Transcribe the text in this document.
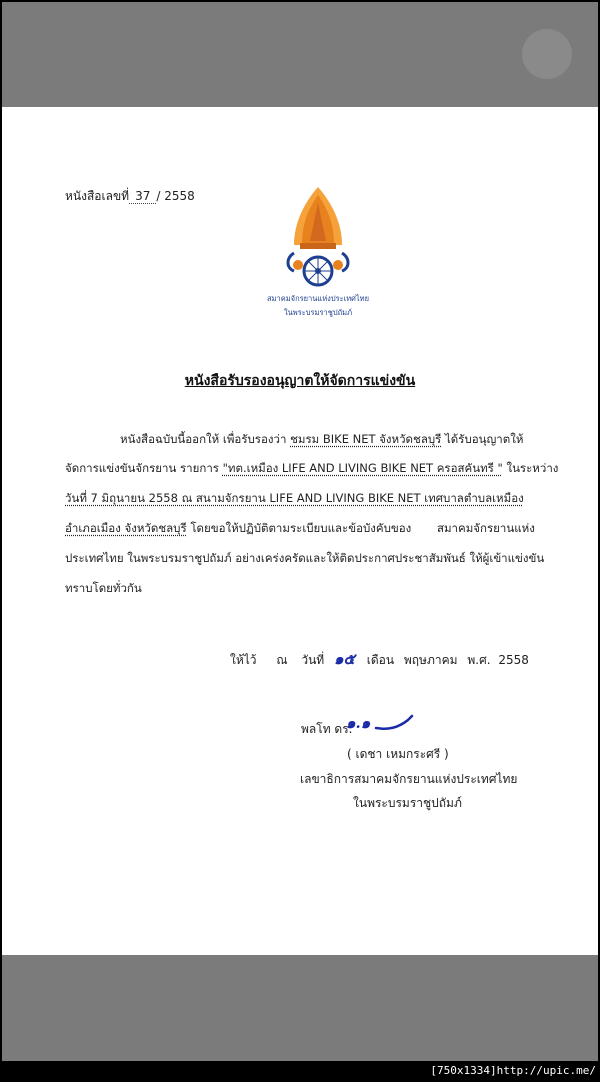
หนังสือเลขที่ 37 / 2558
สมาคมจักรยานแห่งประเทศไทย
ในพระบรมราชูปถัมภ์
หนังสือรับรองอนุญาตให้จัดการแข่งขัน
หนังสือฉบับนี้ออกให้ เพื่อรับรองว่า ชมรม BIKE NET จังหวัดชลบุรี ได้รับอนุญาตให้
จัดการแข่งขันจักรยาน รายการ "ทต.เหมือง LIFE AND LIVING BIKE NET ครอสคันทรี " ในระหว่าง
วันที่ 7 มิถุนายน 2558 ณ สนามจักรยาน LIFE AND LIVING BIKE NET เทศบาลตำบลเหมือง
อำเภอเมือง จังหวัดชลบุรี โดยขอให้ปฏิบัติตามระเบียบและข้อบังคับของ สมาคมจักรยานแห่ง
ประเทศไทย ในพระบรมราชูปถัมภ์ อย่างเคร่งครัดและให้ติดประกาศประชาสัมพันธ์ ให้ผู้เข้าแข่งขัน
ทราบโดยทั่วกัน
ให้ไว้ ณ วันที่ ๑๕ เดือน พฤษภาคม พ.ศ. 2558
พลโท ดร.
๑.๑
( เดชา เหมกระศรี )
เลขาธิการสมาคมจักรยานแห่งประเทศไทย
ในพระบรมราชูปถัมภ์
[750x1334]http://upic.me/
